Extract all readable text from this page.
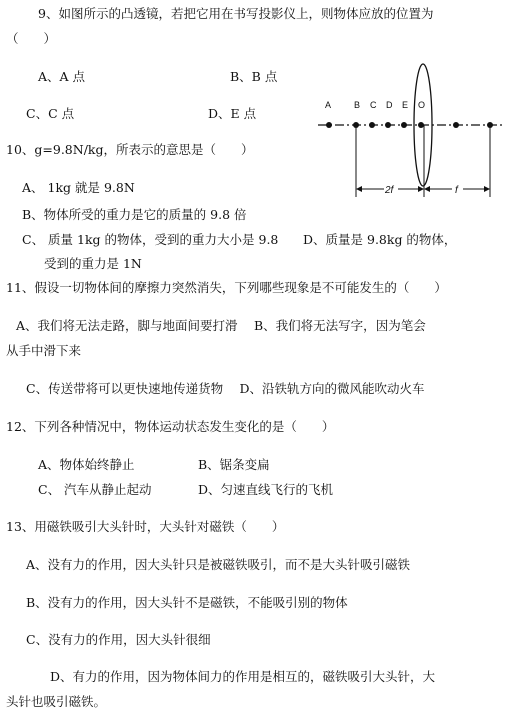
9、如图所示的凸透镜，若把它用在书写投影仪上，则物体应放的位置为
（　　）
A、A 点	B、B 点
C、C 点	D、E 点
A	B C D E O
2f	f
10、g=9.8N/kg，所表示的意思是（　　）
A、 1kg 就是 9.8N
B、物体所受的重力是它的质量的 9.8 倍
C、 质量 1kg 的物体，受到的重力大小是 9.8 D、质量是 9.8kg 的物体，
受到的重力是 1N
11、假设一切物体间的摩擦力突然消失，下列哪些现象是不可能发生的（　　）
A、我们将无法走路，脚与地面间要打滑　 B、我们将无法写字，因为笔会
从手中滑下来
C、传送带将可以更快速地传递货物　 D、沿铁轨方向的微风能吹动火车
12、下列各种情况中，物体运动状态发生变化的是（　　）
A、物体始终静止	B、锯条变扁
C、 汽车从静止起动	D、匀速直线飞行的飞机
13、用磁铁吸引大头针时，大头针对磁铁（　　）
A、没有力的作用，因大头针只是被磁铁吸引，而不是大头针吸引磁铁
B、没有力的作用，因大头针不是磁铁，不能吸引别的物体
C、没有力的作用，因大头针很细
D、有力的作用，因为物体间力的作用是相互的，磁铁吸引大头针，大
头针也吸引磁铁。
